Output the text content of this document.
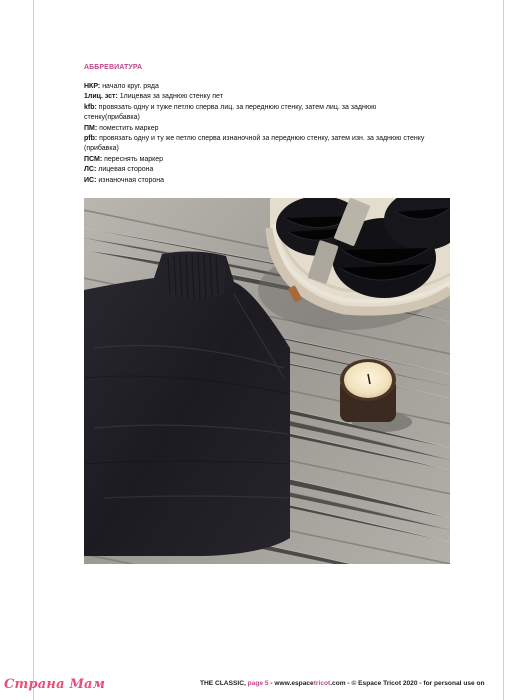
АББРЕВИАТУРА
НКР: начало круг. ряда
1лиц. зст: 1лицевая за заднюю стенку пет
kfb: провязать одну и туже петлю сперва лиц. за переднюю стенку, затем лиц. за заднюю стенку(прибавка)
ПМ: поместить маркер
pfb: провязать одну и ту же петлю сперва изнаночной за переднюю стенку, затем изн. за заднюю стенку (прибавка)
ПСМ: переснять маркер
ЛС: лицевая сторона
ИС: изнаночная сторона
THE CLASSIC, page 5 - www.espacetricot.com - © Espace Tricot 2020 - for personal use on
Страна Мам
